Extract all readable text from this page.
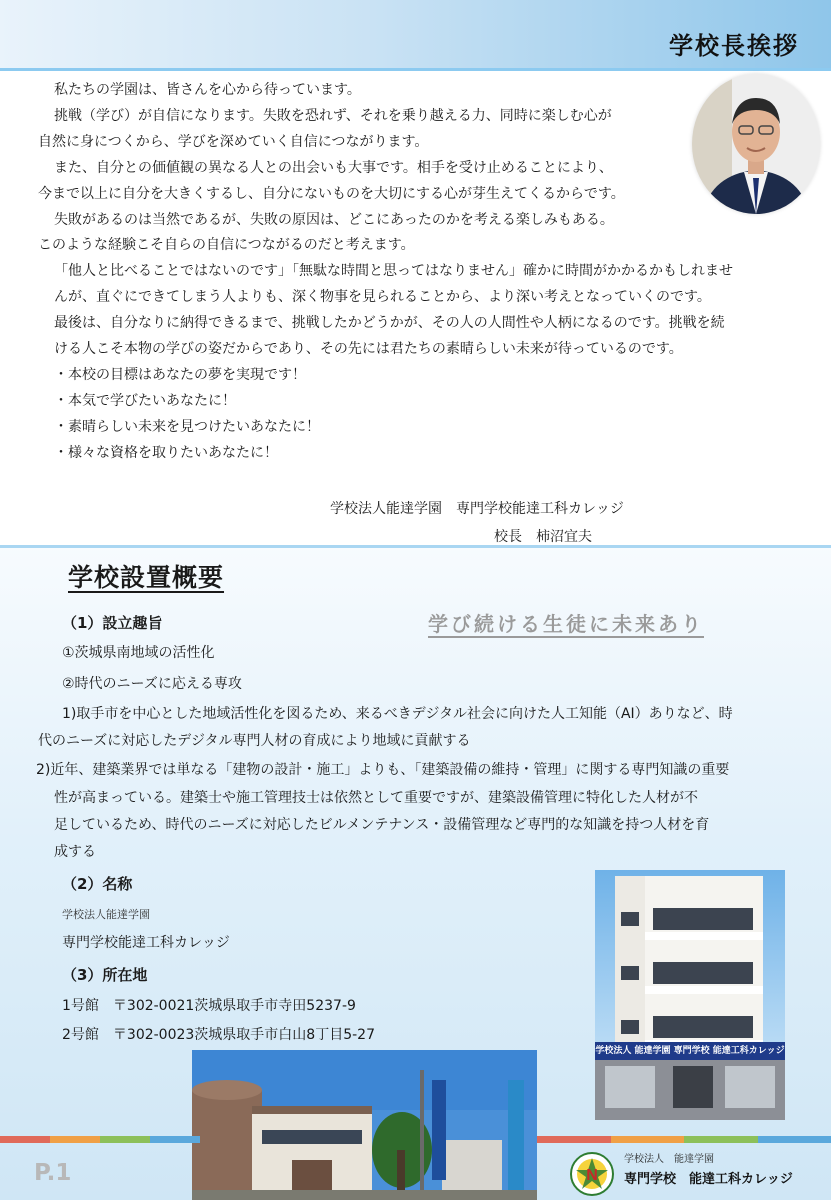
学校長挨拶

私たちの学園は、皆さんを心から待っています。

挑戦（学び）が自信になります。失敗を恐れず、それを乗り越える力、同時に楽しむ心が

自然に身につくから、学びを深めていく自信につながります。

また、自分との価値観の異なる人との出会いも大事です。相手を受け止めることにより、

今まで以上に自分を大きくするし、自分にないものを大切にする心が芽生えてくるからです。

失敗があるのは当然であるが、失敗の原因は、どこにあったのかを考える楽しみもある。

このような経験こそ自らの自信につながるのだと考えます。

「他人と比べることではないのです」「無駄な時間と思ってはなりません」確かに時間がかかるかもしれませ

んが、直ぐにできてしまう人よりも、深く物事を見られることから、より深い考えとなっていくのです。

最後は、自分なりに納得できるまで、挑戦したかどうかが、その人の人間性や人柄になるのです。挑戦を続

ける人こそ本物の学びの姿だからであり、その先には君たちの素晴らしい未来が待っているのです。

・本校の目標はあなたの夢を実現です！

・本気で学びたいあなたに！

・素晴らしい未来を見つけたいあなたに！

・様々な資格を取りたいあなたに！

学校法人能達学園　専門学校能達工科カレッジ
校長　柿沼宜夫
学校設置概要
学び続ける生徒に未来あり
（1）設立趣旨
①茨城県南地域の活性化
②時代のニーズに応える専攻
1)取手市を中心とした地域活性化を図るため、来るべきデジタル社会に向けた人工知能（AI）ありなど、時
代のニーズに対応したデジタル専門人材の育成により地域に貢献する
2)近年、建築業界では単なる「建物の設計・施工」よりも、「建築設備の維持・管理」に関する専門知識の重要
性が高まっている。建築士や施工管理技士は依然として重要ですが、建築設備管理に特化した人材が不
足しているため、時代のニーズに対応したビルメンテナンス・設備管理など専門的な知識を持つ人材を育
成する
（2）名称
学校法人能達学園
専門学校能達工科カレッジ
（3）所在地
1号館　〒302-0021茨城県取手市寺田5237-9
2号館　〒302-0023茨城県取手市白山8丁目5-27
学校法人 能達学園 専門学校 能達工科カレッジ
P.1	N
学校法人　能達学園
専門学校　能達工科カレッジ
